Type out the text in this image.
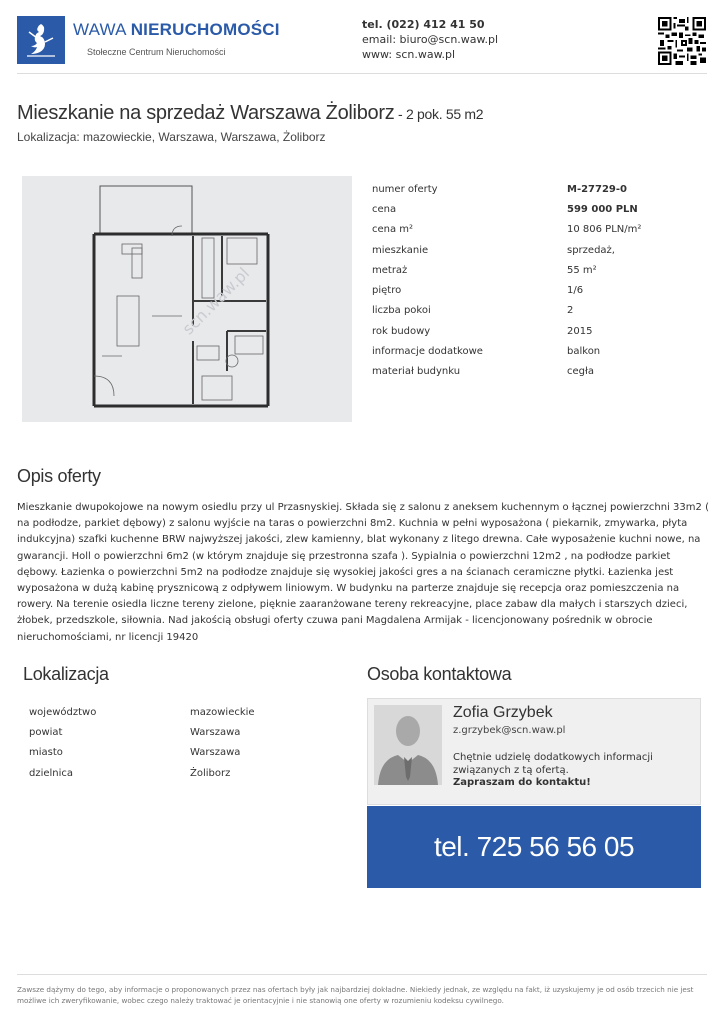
WAWA NIERUCHOMOŚCI
Stołeczne Centrum Nieruchomości
tel. (022) 412 41 50
email: biuro@scn.waw.pl
www: scn.waw.pl
Mieszkanie na sprzedaż Warszawa Żoliborz - 2 pok. 55 m2
Lokalizacja: mazowieckie, Warszawa, Warszawa, Żoliborz
scn.waw.pl
numer oferty	M-27729-0
cena	599 000 PLN
cena m²	10 806 PLN/m²
mieszkanie	sprzedaż,
metraż	55 m²
piętro	1/6
liczba pokoi	2
rok budowy	2015
informacje dodatkowe	balkon
materiał budynku	cegła
Opis oferty
Mieszkanie dwupokojowe na nowym osiedlu przy ul Przasnyskiej. Składa się z salonu z aneksem kuchennym o łącznej powierzchni 33m2 ( na podłodze, parkiet dębowy) z salonu wyjście na taras o powierzchni 8m2. Kuchnia w pełni wyposażona ( piekarnik, zmywarka, płyta indukcyjna) szafki kuchenne BRW najwyższej jakości, zlew kamienny, blat wykonany z litego drewna. Całe wyposażenie kuchni nowe, na gwarancji. Holl o powierzchni 6m2 (w którym znajduje się przestronna szafa ). Sypialnia o powierzchni 12m2 , na podłodze parkiet dębowy. Łazienka o powierzchni 5m2 na podłodze znajduje się wysokiej jakości gres a na ścianach ceramiczne płytki. Łazienka jest wyposażona w dużą kabinę prysznicową z odpływem liniowym. W budynku na parterze znajduje się recepcja oraz pomieszczenia na rowery. Na terenie osiedla liczne tereny zielone, pięknie zaaranżowane tereny rekreacyjne, place zabaw dla małych i starszych dzieci, żłobek, przedszkole, siłownia. Nad jakością obsługi oferty czuwa pani Magdalena Armijak - licencjonowany pośrednik w obrocie nieruchomościami, nr licencji 19420
Lokalizacja
województwo	mazowieckie
powiat	Warszawa
miasto	Warszawa
dzielnica	Żoliborz
Osoba kontaktowa
Zofia Grzybek
z.grzybek@scn.waw.pl
Chętnie udzielę dodatkowych informacji związanych z tą ofertą.
Zapraszam do kontaktu!
tel. 725 56 56 05
Zawsze dążymy do tego, aby informacje o proponowanych przez nas ofertach były jak najbardziej dokładne. Niekiedy jednak, ze względu na fakt, iż uzyskujemy je od osób trzecich nie jest możliwe ich zweryfikowanie, wobec czego należy traktować je orientacyjnie i nie stanowią one oferty w rozumieniu kodeksu cywilnego.
